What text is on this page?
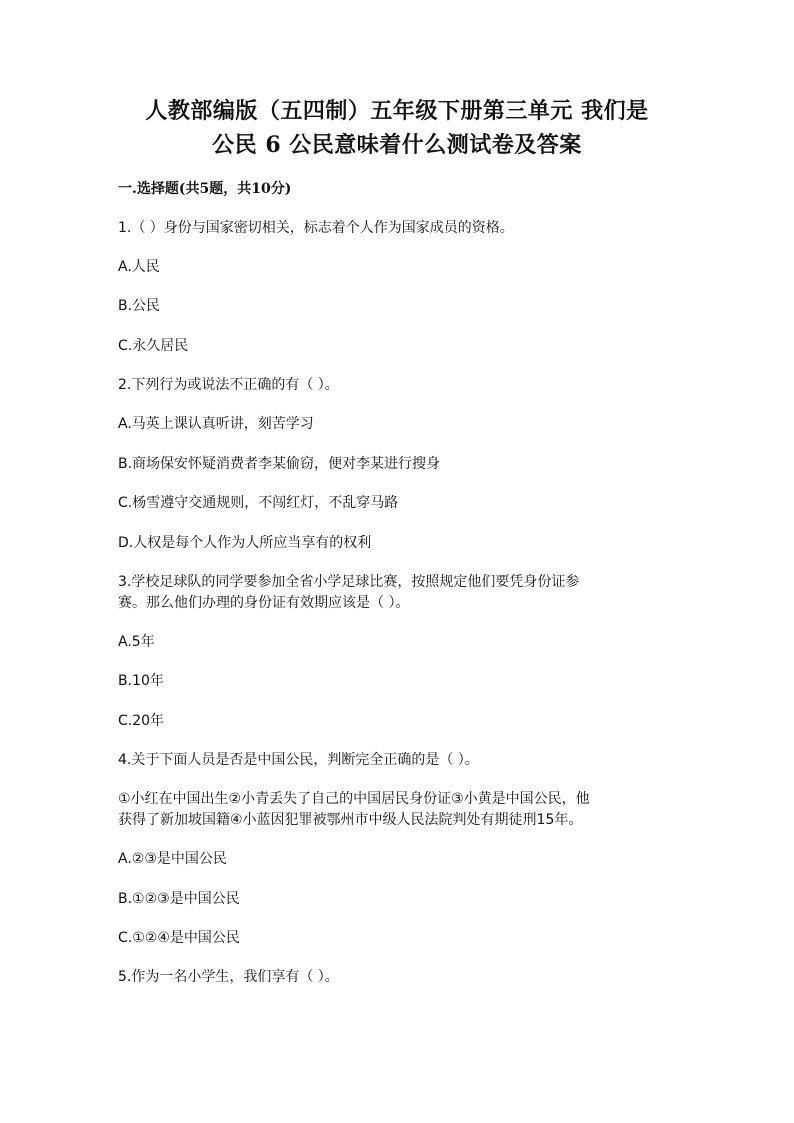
人教部编版（五四制）五年级下册第三单元 我们是
公民 6 公民意味着什么测试卷及答案
一.选择题(共5题，共10分)
1.（ ）身份与国家密切相关，标志着个人作为国家成员的资格。
A.人民
B.公民
C.永久居民
2.下列行为或说法不正确的有（ ）。
A.马英上课认真听讲，刻苦学习
B.商场保安怀疑消费者李某偷窃，便对李某进行搜身
C.杨雪遵守交通规则，不闯红灯，不乱穿马路
D.人权是每个人作为人所应当享有的权利
3.学校足球队的同学要参加全省小学足球比赛，按照规定他们要凭身份证参
赛。那么他们办理的身份证有效期应该是（ ）。
A.5年
B.10年
C.20年
4.关于下面人员是否是中国公民，判断完全正确的是（ ）。
①小红在中国出生②小青丢失了自己的中国居民身份证③小黄是中国公民，他
获得了新加坡国籍④小蓝因犯罪被鄂州市中级人民法院判处有期徒刑15年。
A.②③是中国公民
B.①②③是中国公民
C.①②④是中国公民
5.作为一名小学生，我们享有（ ）。
